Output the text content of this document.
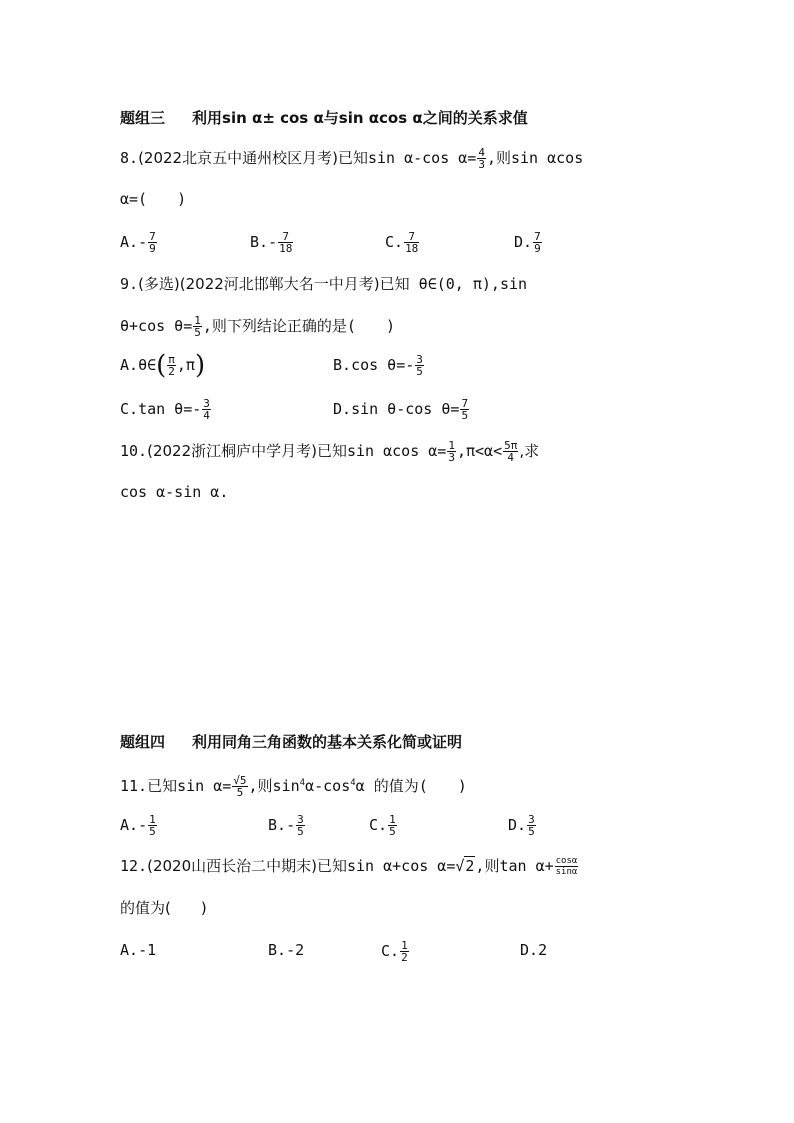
题组三 利用sin α± cos α与sin αcos α之间的关系求值
8.(2022北京五中通州校区月考)已知sin α-cos $\alpha= \frac{4}{3}$ ,则sin αcos
α=(　　)
$A.- \frac{7}{9}$	$B.- \frac{7}{18}$	C. $\frac{7}{18}$	D. $\frac{7}{9}$
9.(多选)(2022河北邯郸大名一中月考)已知 θ∈(0, π),sin
θ+cos $\theta= \frac{1}{5}$ ,则下列结论正确的是(　　)
A.θ∈( $\frac{\pi}{2} ,\pi$)	B.cos $\theta=- \frac{3}{5}$
C.tan $\theta=- \frac{3}{4}$	D.sin θ-cos $\theta= \frac{7}{5}$
10.(2022浙江桐庐中学月考)已知sin αcos $\alpha= \frac{1}{3} ,\pi<\alpha< \frac{5\pi}{4}$ ,求
cos α-sin α.
题组四 利用同角三角函数的基本关系化简或证明
11.已知$\sin \alpha= \frac{√5}{5}$ ,则$\sin^4\alpha-\cos^4\alpha$ 的值为(　　)
$A.- \frac{1}{5}$	$B.- \frac{3}{5}$	C. $\frac{1}{5}$	D. $\frac{3}{5}$
12.(2020山西长治二中期末)已知sin α+cos α=√2,则$\tan \alpha+ \frac{\cos\alpha}{\sin\alpha}$
的值为(　　)
A.-1	B.-2	C. $\frac{1}{2}$	D.2
